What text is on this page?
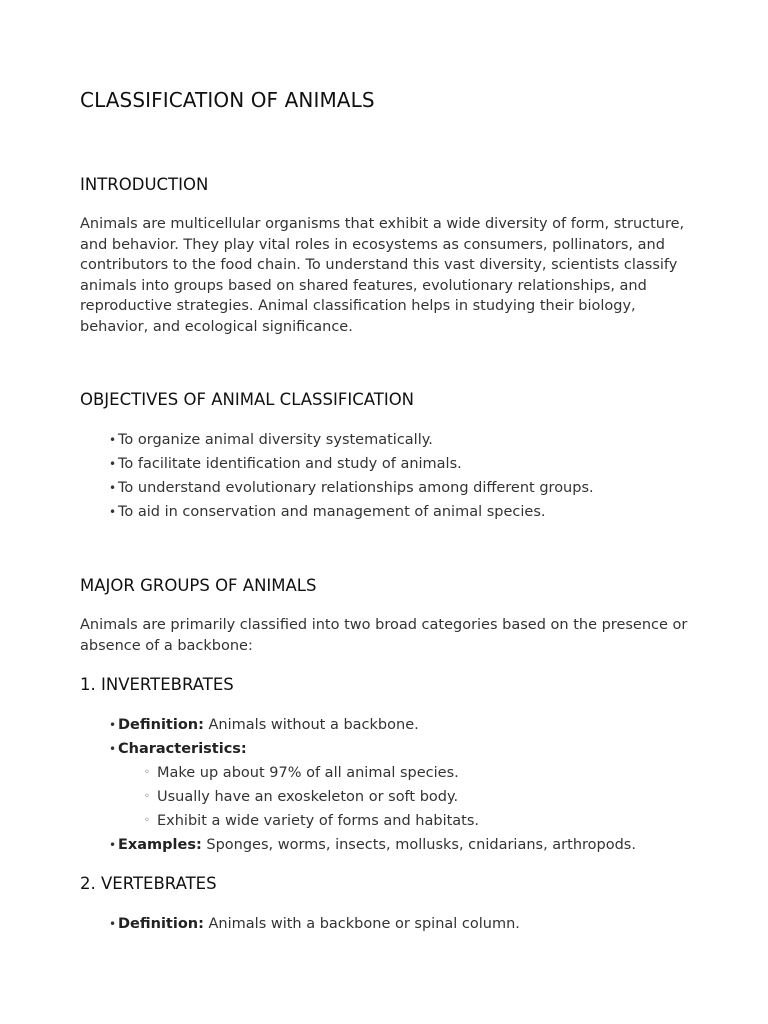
CLASSIFICATION OF ANIMALS
INTRODUCTION
Animals are multicellular organisms that exhibit a wide diversity of form, structure,
and behavior. They play vital roles in ecosystems as consumers, pollinators, and
contributors to the food chain. To understand this vast diversity, scientists classify
animals into groups based on shared features, evolutionary relationships, and
reproductive strategies. Animal classification helps in studying their biology,
behavior, and ecological significance.
OBJECTIVES OF ANIMAL CLASSIFICATION
• To organize animal diversity systematically.
• To facilitate identification and study of animals.
• To understand evolutionary relationships among different groups.
• To aid in conservation and management of animal species.
MAJOR GROUPS OF ANIMALS
Animals are primarily classified into two broad categories based on the presence or
absence of a backbone:
1. INVERTEBRATES
• Definition: Animals without a backbone.
• Characteristics:
◦ Make up about 97% of all animal species.
◦ Usually have an exoskeleton or soft body.
◦ Exhibit a wide variety of forms and habitats.
• Examples: Sponges, worms, insects, mollusks, cnidarians, arthropods.
2. VERTEBRATES
• Definition: Animals with a backbone or spinal column.
